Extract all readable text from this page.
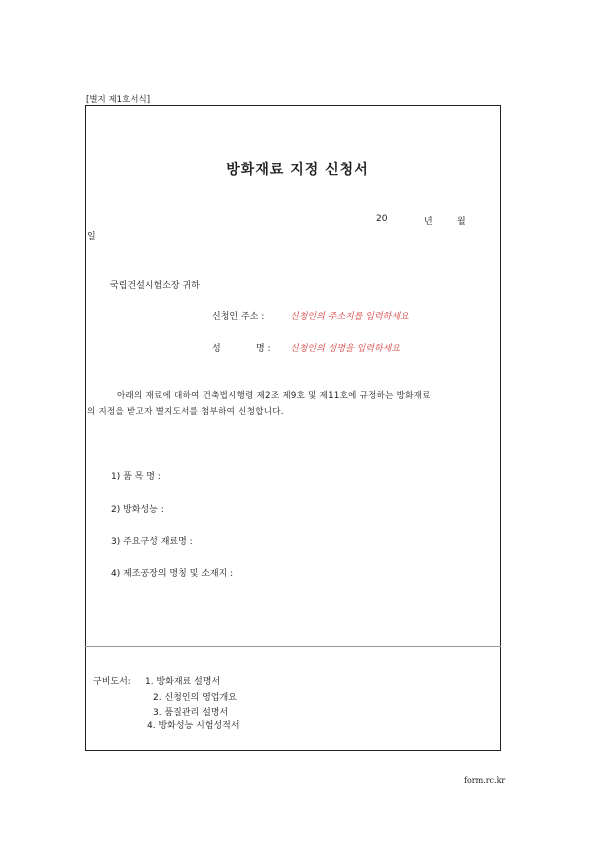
[별지 제1호서식]
방화재료 지정 신청서
20	년	월
일
국립건설시험소장 귀하
신청인 주소 :	신청인의 주소지를 입력하세요
성	명 : 신청인의 성명을 입력하세요
아래의 재료에 대하여 건축법시행령 제2조 제9호 및 제11호에 규정하는 방화재료
의 지정을 받고자 별지도서를 첨부하여 신청합니다.
1) 품 목 명 :
2) 방화성능 :
3) 주요구성 재료명 :
4) 제조공장의 명칭 및 소재지 :
구비도서: 1. 방화재료 설명서
2. 신청인의 영업개요
3. 품질관리 설명서
4. 방화성능 시험성적서
form.rc.kr
